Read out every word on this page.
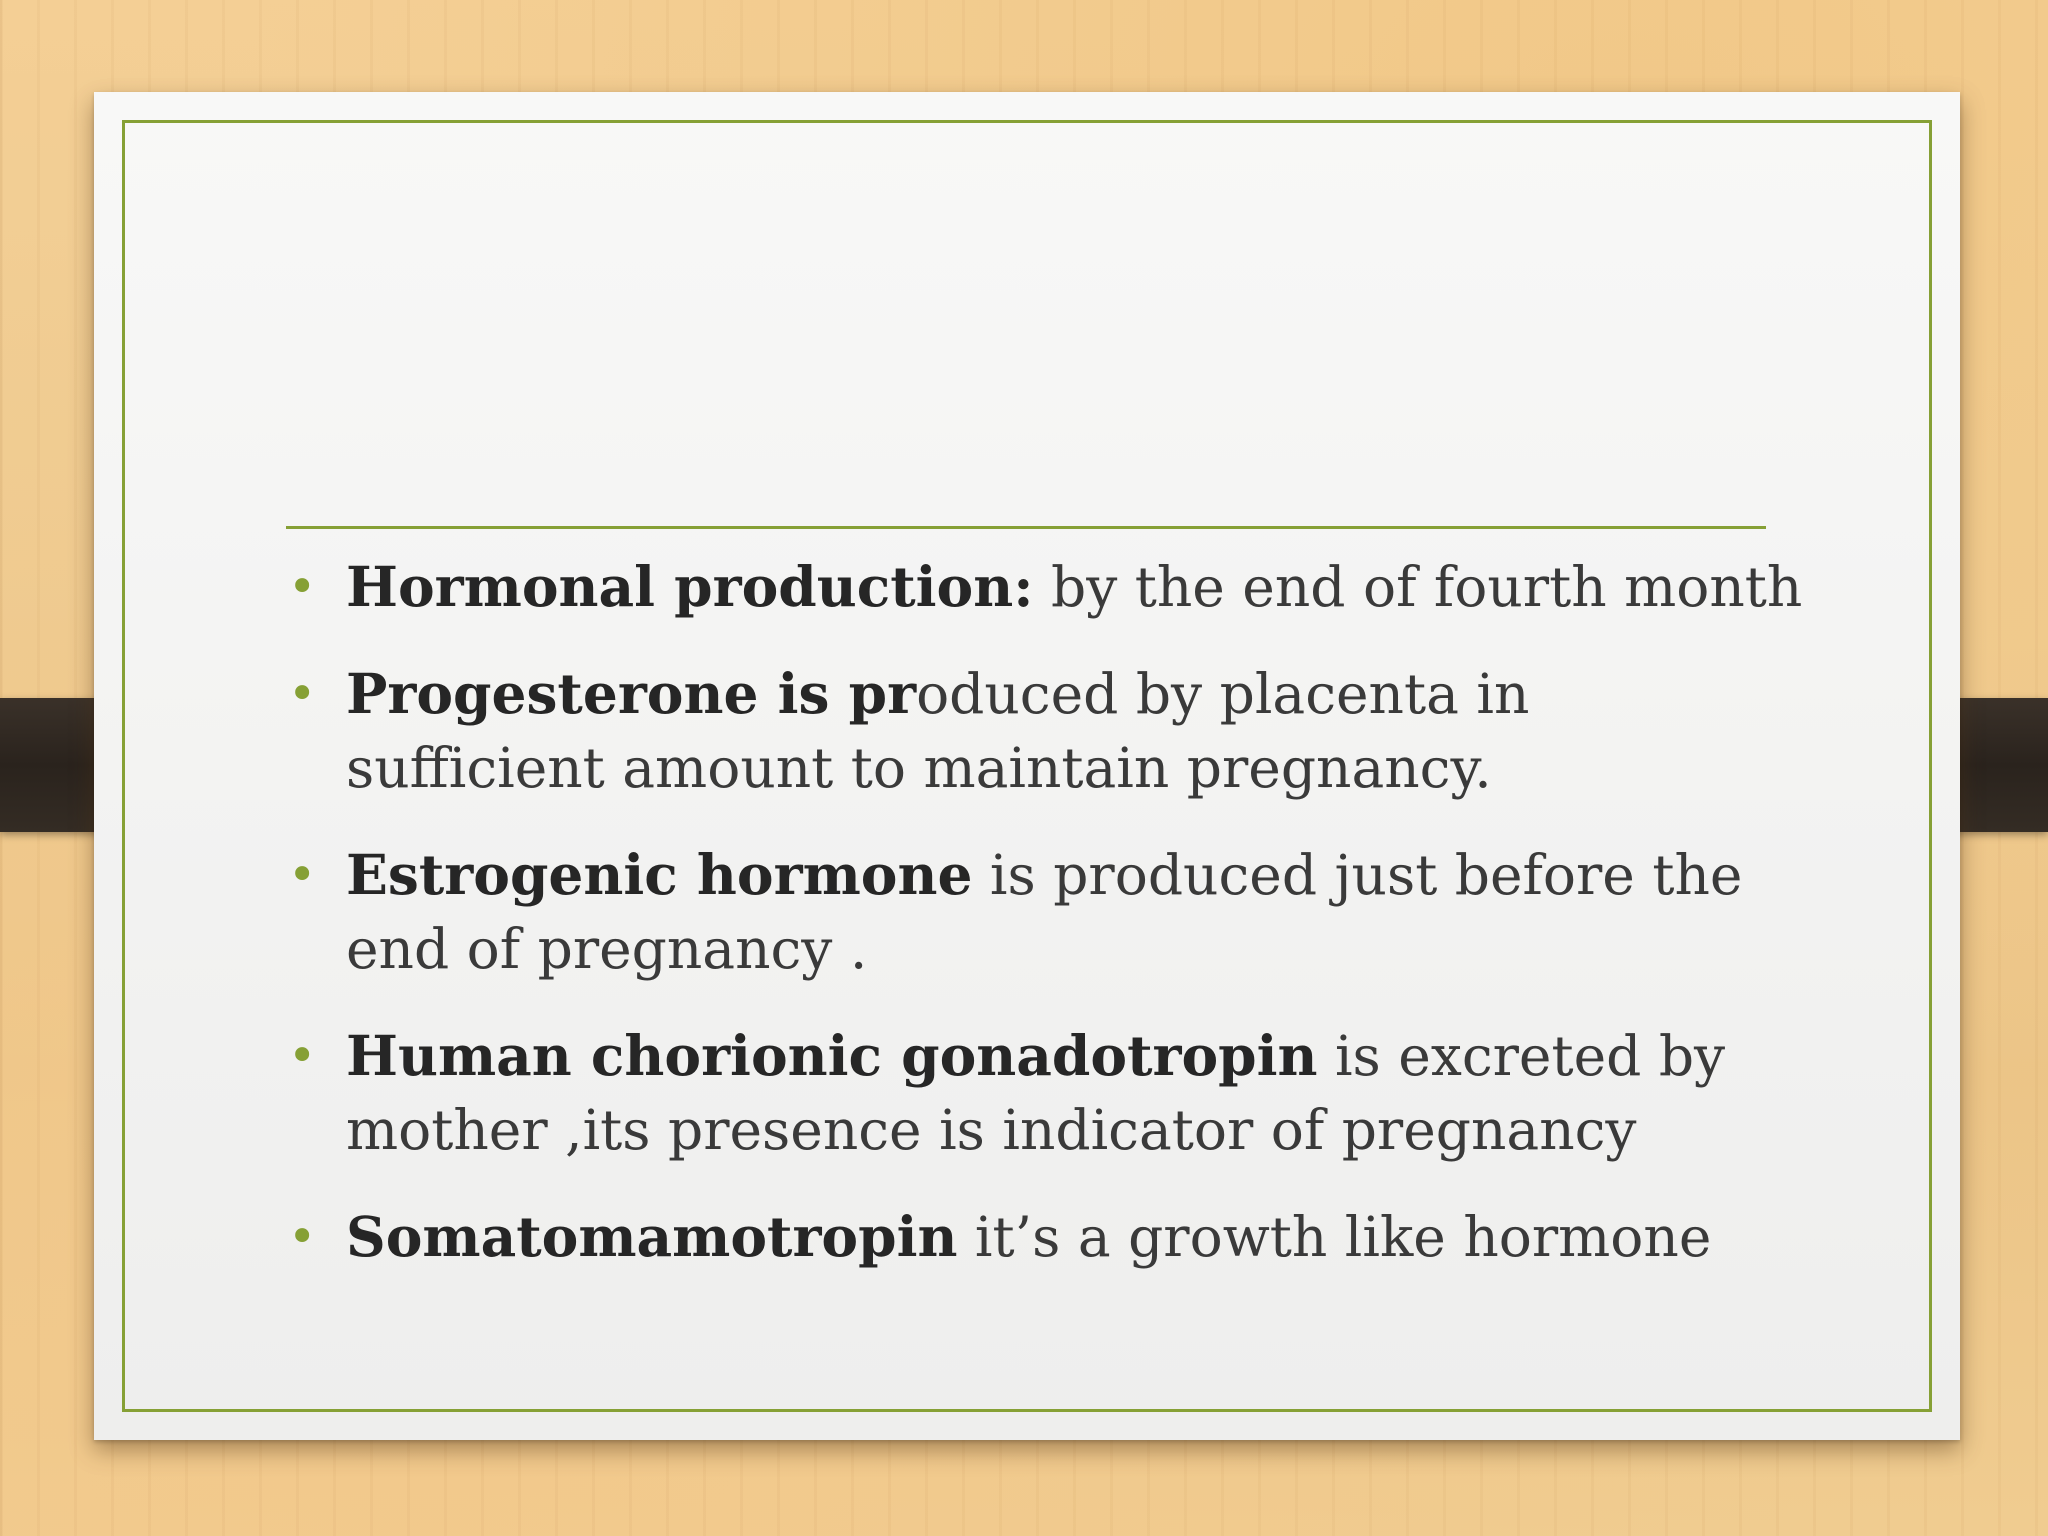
• Hormonal production: by the end of fourth month
• Progesterone is produced by placenta in sufficient amount to maintain pregnancy.
• Estrogenic hormone is produced just before the end of pregnancy .
• Human chorionic gonadotropin is excreted by mother ,its presence is indicator of pregnancy
• Somatomamotropin it’s a growth like hormone
